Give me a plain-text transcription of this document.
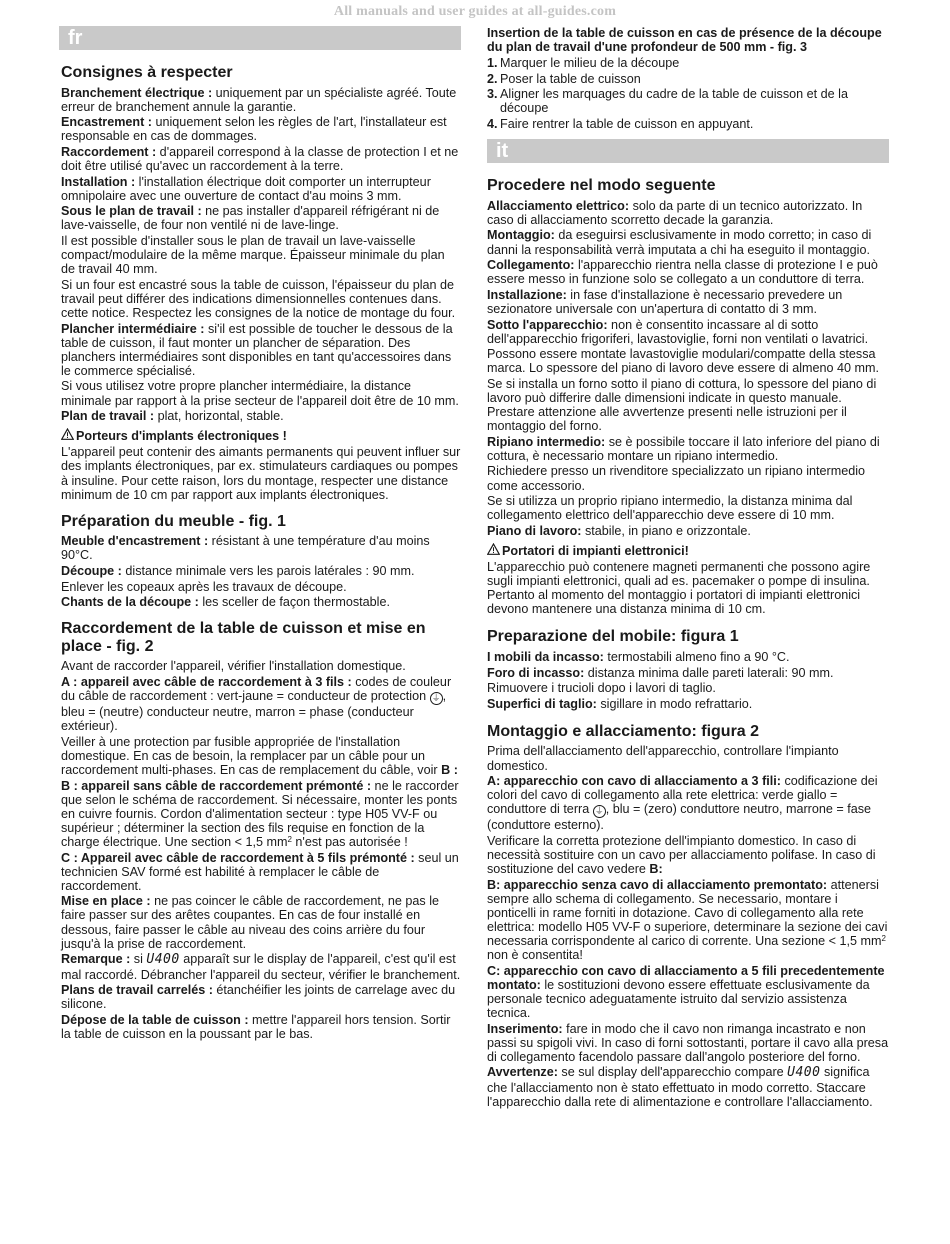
All manuals and user guides at all-guides.com
fr
Consignes à respecter

Branchement électrique : uniquement par un spécialiste agréé. Toute erreur de branchement annule la garantie.

Encastrement : uniquement selon les règles de l'art, l'installateur est responsable en cas de dommages.

Raccordement : d'appareil correspond à la classe de protection I et ne doit être utilisé qu'avec un raccordement à la terre.

Installation : l'installation électrique doit comporter un interrupteur omnipolaire avec une ouverture de contact d'au moins 3 mm.

Sous le plan de travail : ne pas installer d'appareil réfrigérant ni de lave-vaisselle, de four non ventilé ni de lave-linge.

Il est possible d'installer sous le plan de travail un lave-vaisselle compact/modulaire de la même marque. Épaisseur minimale du plan de travail 40 mm.

Si un four est encastré sous la table de cuisson, l'épaisseur du plan de travail peut différer des indications dimensionnelles contenues dans. cette notice. Respectez les consignes de la notice de montage du four.

Plancher intermédiaire : si'il est possible de toucher le dessous de la table de cuisson, il faut monter un plancher de séparation. Des planchers intermédiaires sont disponibles en tant qu'accessoires dans le commerce spécialisé.

Si vous utilisez votre propre plancher intermédiaire, la distance minimale par rapport à la prise secteur de l'appareil doit être de 10 mm.

Plan de travail : plat, horizontal, stable.

Porteurs d'implants électroniques !

L'appareil peut contenir des aimants permanents qui peuvent influer sur des implants électroniques, par ex. stimulateurs cardiaques ou pompes à insuline. Pour cette raison, lors du montage, respecter une distance minimum de 10 cm par rapport aux implants électroniques.

Préparation du meuble - fig. 1

Meuble d'encastrement : résistant à une température d'au moins 90°C.

Découpe : distance minimale vers les parois latérales : 90 mm.

Enlever les copeaux après les travaux de découpe.

Chants de la découpe : les sceller de façon thermostable.

Raccordement de la table de cuisson et mise en place - fig. 2

Avant de raccorder l'appareil, vérifier l'installation domestique.

A : appareil avec câble de raccordement à 3 fils : codes de couleur du câble de raccordement : vert-jaune = conducteur de protection ⏚ , bleu = (neutre) conducteur neutre, marron = phase (conducteur extérieur).

Veiller à une protection par fusible appropriée de l'installation domestique. En cas de besoin, la remplacer par un câble pour un raccordement multi-phases. En cas de remplacement du câble, voir B :

B : appareil sans câble de raccordement prémonté : ne le raccorder que selon le schéma de raccordement. Si nécessaire, monter les ponts en cuivre fournis. Cordon d'alimentation secteur : type H05 VV-F ou supérieur ; déterminer la section des fils requise en fonction de la charge électrique. Une section < 1,5 $mm^2$ n'est pas autorisée !

C : Appareil avec câble de raccordement à 5 fils prémonté : seul un technicien SAV formé est habilité à remplacer le câble de raccordement.

Mise en place : ne pas coincer le câble de raccordement, ne pas le faire passer sur des arêtes coupantes. En cas de four installé en dessous, faire passer le câble au niveau des coins arrière du four jusqu'à la prise de raccordement.

Remarque : si U400 apparaît sur le display de l'appareil, c'est qu'il est mal raccordé. Débrancher l'appareil du secteur, vérifier le branchement.

Plans de travail carrelés : étanchéifier les joints de carrelage avec du silicone.

Dépose de la table de cuisson : mettre l'appareil hors tension. Sortir la table de cuisson en la poussant par le bas.

Insertion de la table de cuisson en cas de présence de la découpe du plan de travail d'une profondeur de 500 mm - fig. 3

1. Marquer le milieu de la découpe
2. Poser la table de cuisson
3. Aligner les marquages du cadre de la table de cuisson et de la découpe
4. Faire rentrer la table de cuisson en appuyant.
it
Procedere nel modo seguente

Allacciamento elettrico: solo da parte di un tecnico autorizzato. In caso di allacciamento scorretto decade la garanzia.

Montaggio: da eseguirsi esclusivamente in modo corretto; in caso di danni la responsabilità verrà imputata a chi ha eseguito il montaggio.

Collegamento: l'apparecchio rientra nella classe di protezione I e può essere messo in funzione solo se collegato a un conduttore di terra.

Installazione: in fase d'installazione è necessario prevedere un sezionatore universale con un'apertura di contatto di 3 mm.

Sotto l'apparecchio: non è consentito incassare al di sotto dell'apparecchio frigoriferi, lavastoviglie, forni non ventilati o lavatrici.

Possono essere montate lavastoviglie modulari/compatte della stessa marca. Lo spessore del piano di lavoro deve essere di almeno 40 mm.

Se si installa un forno sotto il piano di cottura, lo spessore del piano di lavoro può differire dalle dimensioni indicate in questo manuale. Prestare attenzione alle avvertenze presenti nelle istruzioni per il montaggio del forno.

Ripiano intermedio: se è possibile toccare il lato inferiore del piano di cottura, è necessario montare un ripiano intermedio.

Richiedere presso un rivenditore specializzato un ripiano intermedio come accessorio.

Se si utilizza un proprio ripiano intermedio, la distanza minima dal collegamento elettrico dell'apparecchio deve essere di 10 mm.

Piano di lavoro: stabile, in piano e orizzontale.

Portatori di impianti elettronici!

L'apparecchio può contenere magneti permanenti che possono agire sugli impianti elettronici, quali ad es. pacemaker o pompe di insulina. Pertanto al momento del montaggio i portatori di impianti elettronici devono mantenere una distanza minima di 10 cm.

Preparazione del mobile: figura 1

I mobili da incasso: termostabili almeno fino a 90 °C.

Foro di incasso: distanza minima dalle pareti laterali: 90 mm.

Rimuovere i trucioli dopo i lavori di taglio.

Superfici di taglio: sigillare in modo refrattario.

Montaggio e allacciamento: figura 2

Prima dell'allacciamento dell'apparecchio, controllare l'impianto domestico.

A: apparecchio con cavo di allacciamento a 3 fili: codificazione dei colori del cavo di collegamento alla rete elettrica: verde giallo = conduttore di terra ⏚ , blu = (zero) conduttore neutro, marrone = fase (conduttore esterno).

Verificare la corretta protezione dell'impianto domestico. In caso di necessità sostituire con un cavo per allacciamento polifase. In caso di sostituzione del cavo vedere B:

B: apparecchio senza cavo di allacciamento premontato: attenersi sempre allo schema di collegamento. Se necessario, montare i ponticelli in rame forniti in dotazione. Cavo di collegamento alla rete elettrica: modello H05 VV-F o superiore, determinare la sezione dei cavi necessaria corrispondente al carico di corrente. Una sezione < 1,5 $mm^2$ non è consentita!

C: apparecchio con cavo di allacciamento a 5 fili precedentemente montato: le sostituzioni devono essere effettuate esclusivamente da personale tecnico adeguatamente istruito dal servizio assistenza tecnica.

Inserimento: fare in modo che il cavo non rimanga incastrato e non passi su spigoli vivi. In caso di forni sottostanti, portare il cavo alla presa di collegamento facendolo passare dall'angolo posteriore del forno.

Avvertenze: se sul display dell'apparecchio compare U400 significa che l'allacciamento non è stato effettuato in modo corretto. Staccare l'apparecchio dalla rete di alimentazione e controllare l'allacciamento.
